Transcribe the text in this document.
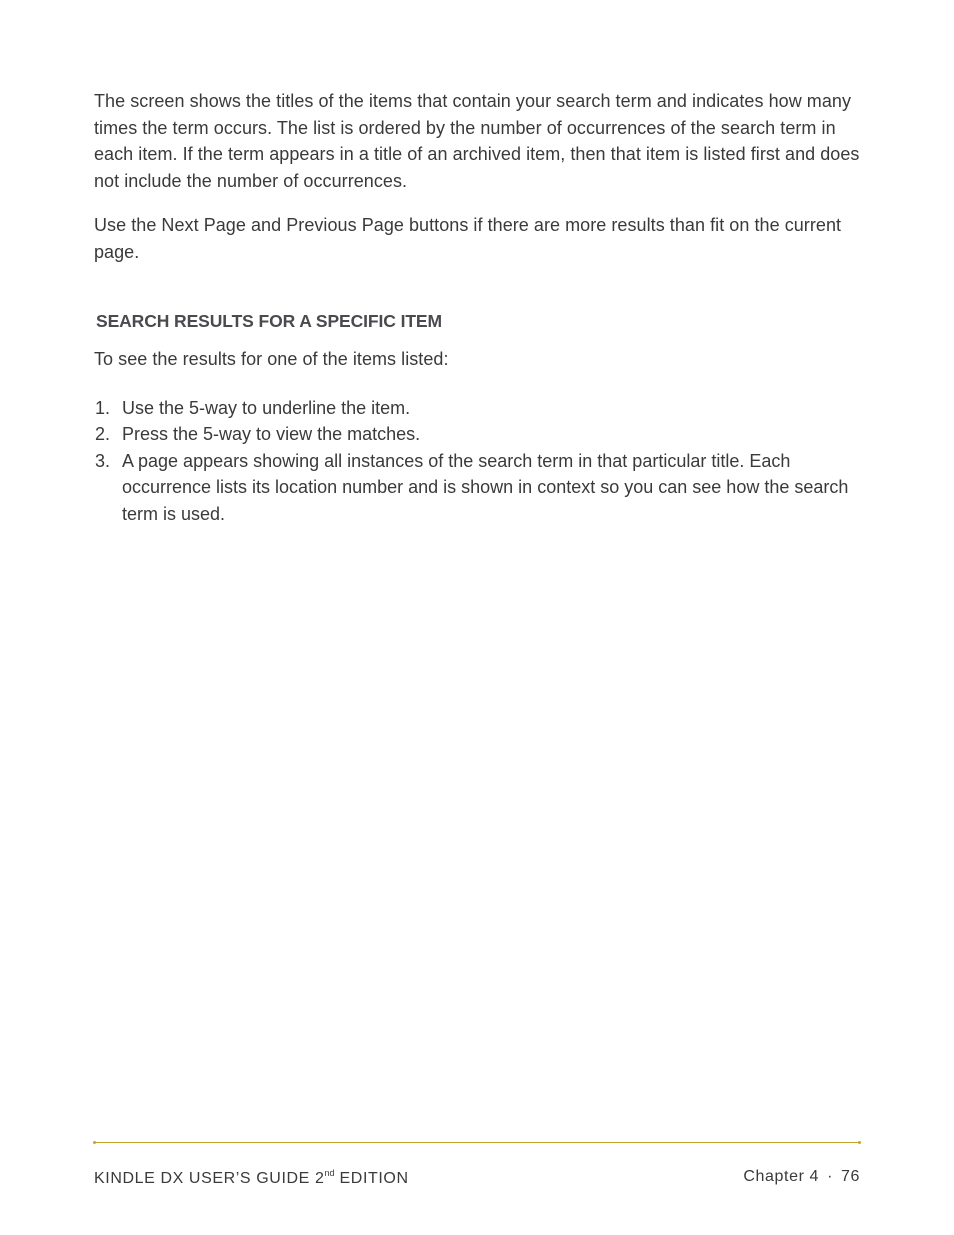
The screen shows the titles of the items that contain your search term and indicates how many times the term occurs. The list is ordered by the number of occurrences of the search term in each item. If the term appears in a title of an archived item, then that item is listed first and does not include the number of occurrences.

Use the Next Page and Previous Page buttons if there are more results than fit on the current page.

SEARCH RESULTS FOR A SPECIFIC ITEM

To see the results for one of the items listed:

1. Use the 5-way to underline the item.
2. Press the 5-way to view the matches.
3. A page appears showing all instances of the search term in that particular title. Each occurrence lists its location number and is shown in context so you can see how the search term is used.
KINDLE DX USER’S GUIDE 2nd EDITION	Chapter 4 · 76
